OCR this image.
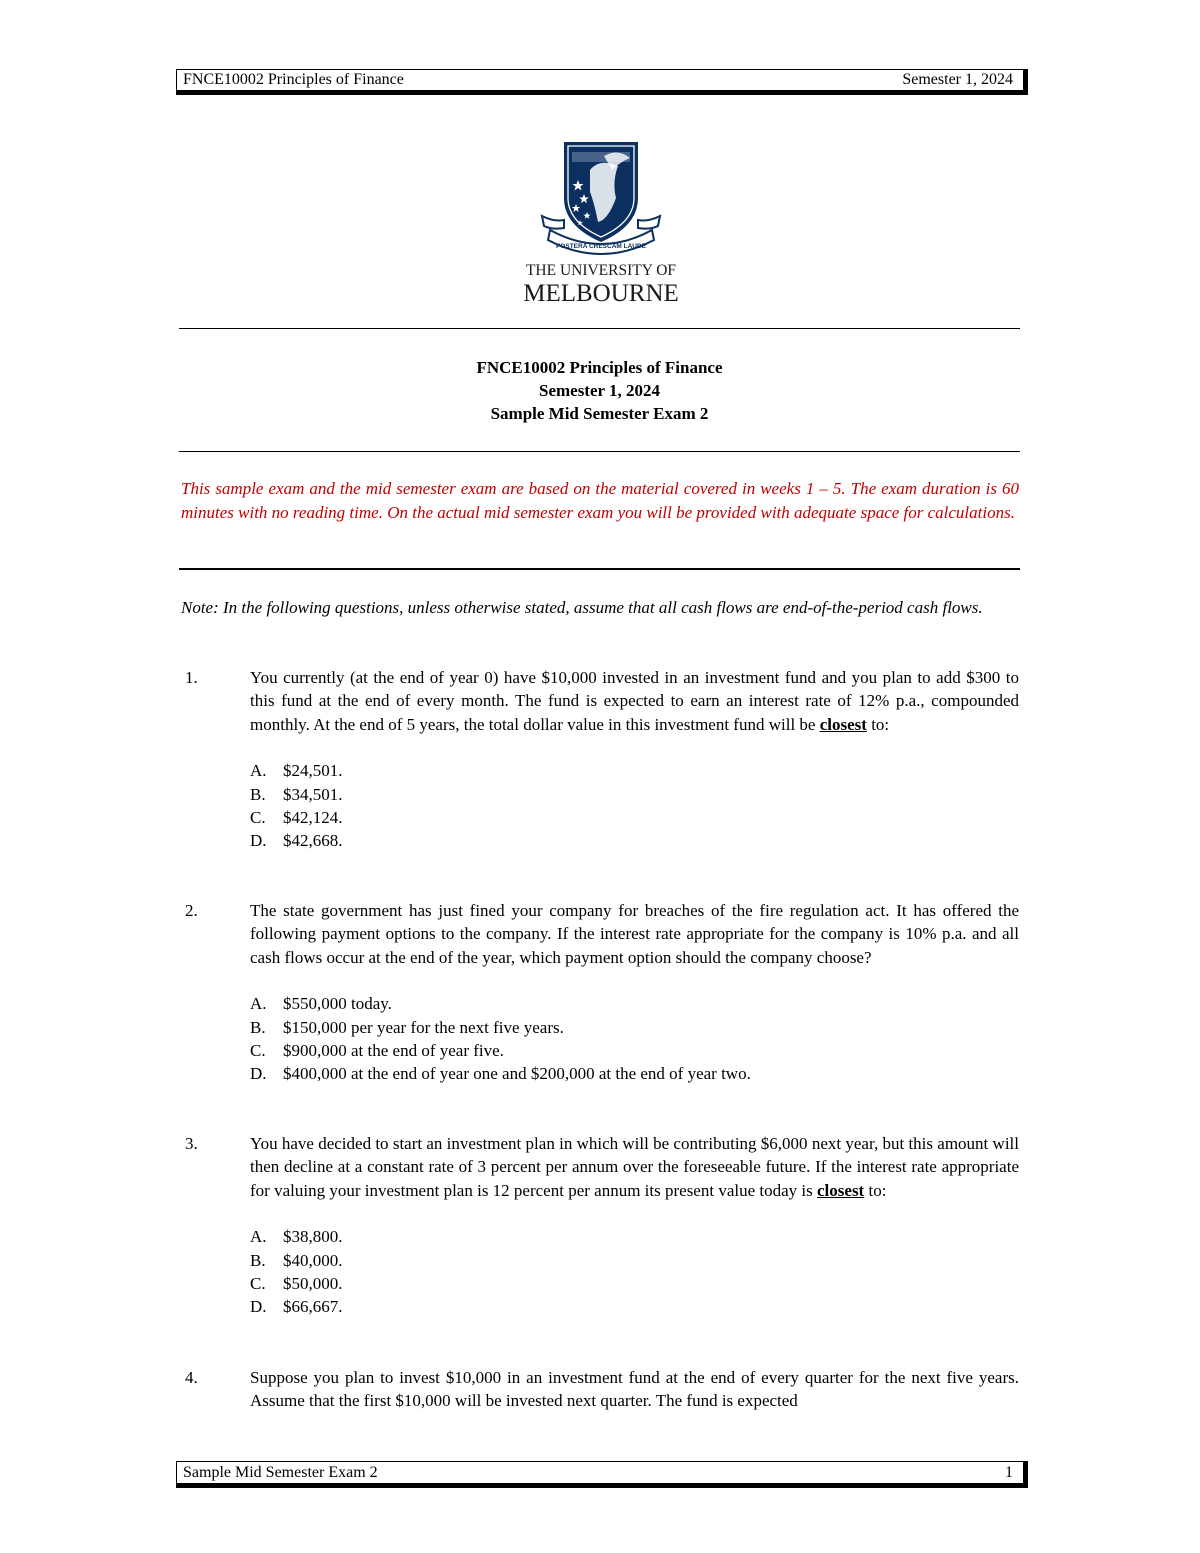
FNCE10002 Principles of Finance	Semester 1, 2024
POSTERA CRESCAM LAUDE
THE UNIVERSITY OF
MELBOURNE
FNCE10002 Principles of Finance
Semester 1, 2024
Sample Mid Semester Exam 2
This sample exam and the mid semester exam are based on the material covered in weeks 1 – 5. The exam duration is 60 minutes with no reading time. On the actual mid semester exam you will be provided with adequate space for calculations.
Note: In the following questions, unless otherwise stated, assume that all cash flows are end-of-the-period cash flows.
1.	You currently (at the end of year 0) have $10,000 invested in an investment fund and you plan to add $300 to this fund at the end of every month. The fund is expected to earn an interest rate of 12% p.a., compounded monthly. At the end of 5 years, the total dollar value in this investment fund will be closest to:
A. $24,501.
B.	$34,501.
C.	$42,124.
D. $42,668.
2.	The state government has just fined your company for breaches of the fire regulation act. It has offered the following payment options to the company. If the interest rate appropriate for the company is 10% p.a. and all cash flows occur at the end of the year, which payment option should the company choose?
A. $550,000 today.
B.	$150,000 per year for the next five years.
C.	$900,000 at the end of year five.
D. $400,000 at the end of year one and $200,000 at the end of year two.
3.	You have decided to start an investment plan in which will be contributing $6,000 next year, but this amount will then decline at a constant rate of 3 percent per annum over the foreseeable future. If the interest rate appropriate for valuing your investment plan is 12 percent per annum its present value today is closest to:
A. $38,800.
B.	$40,000.
C.	$50,000.
D. $66,667.
4.	Suppose you plan to invest $10,000 in an investment fund at the end of every quarter for the next five years. Assume that the first $10,000 will be invested next quarter. The fund is expected
Sample Mid Semester Exam 2	1
